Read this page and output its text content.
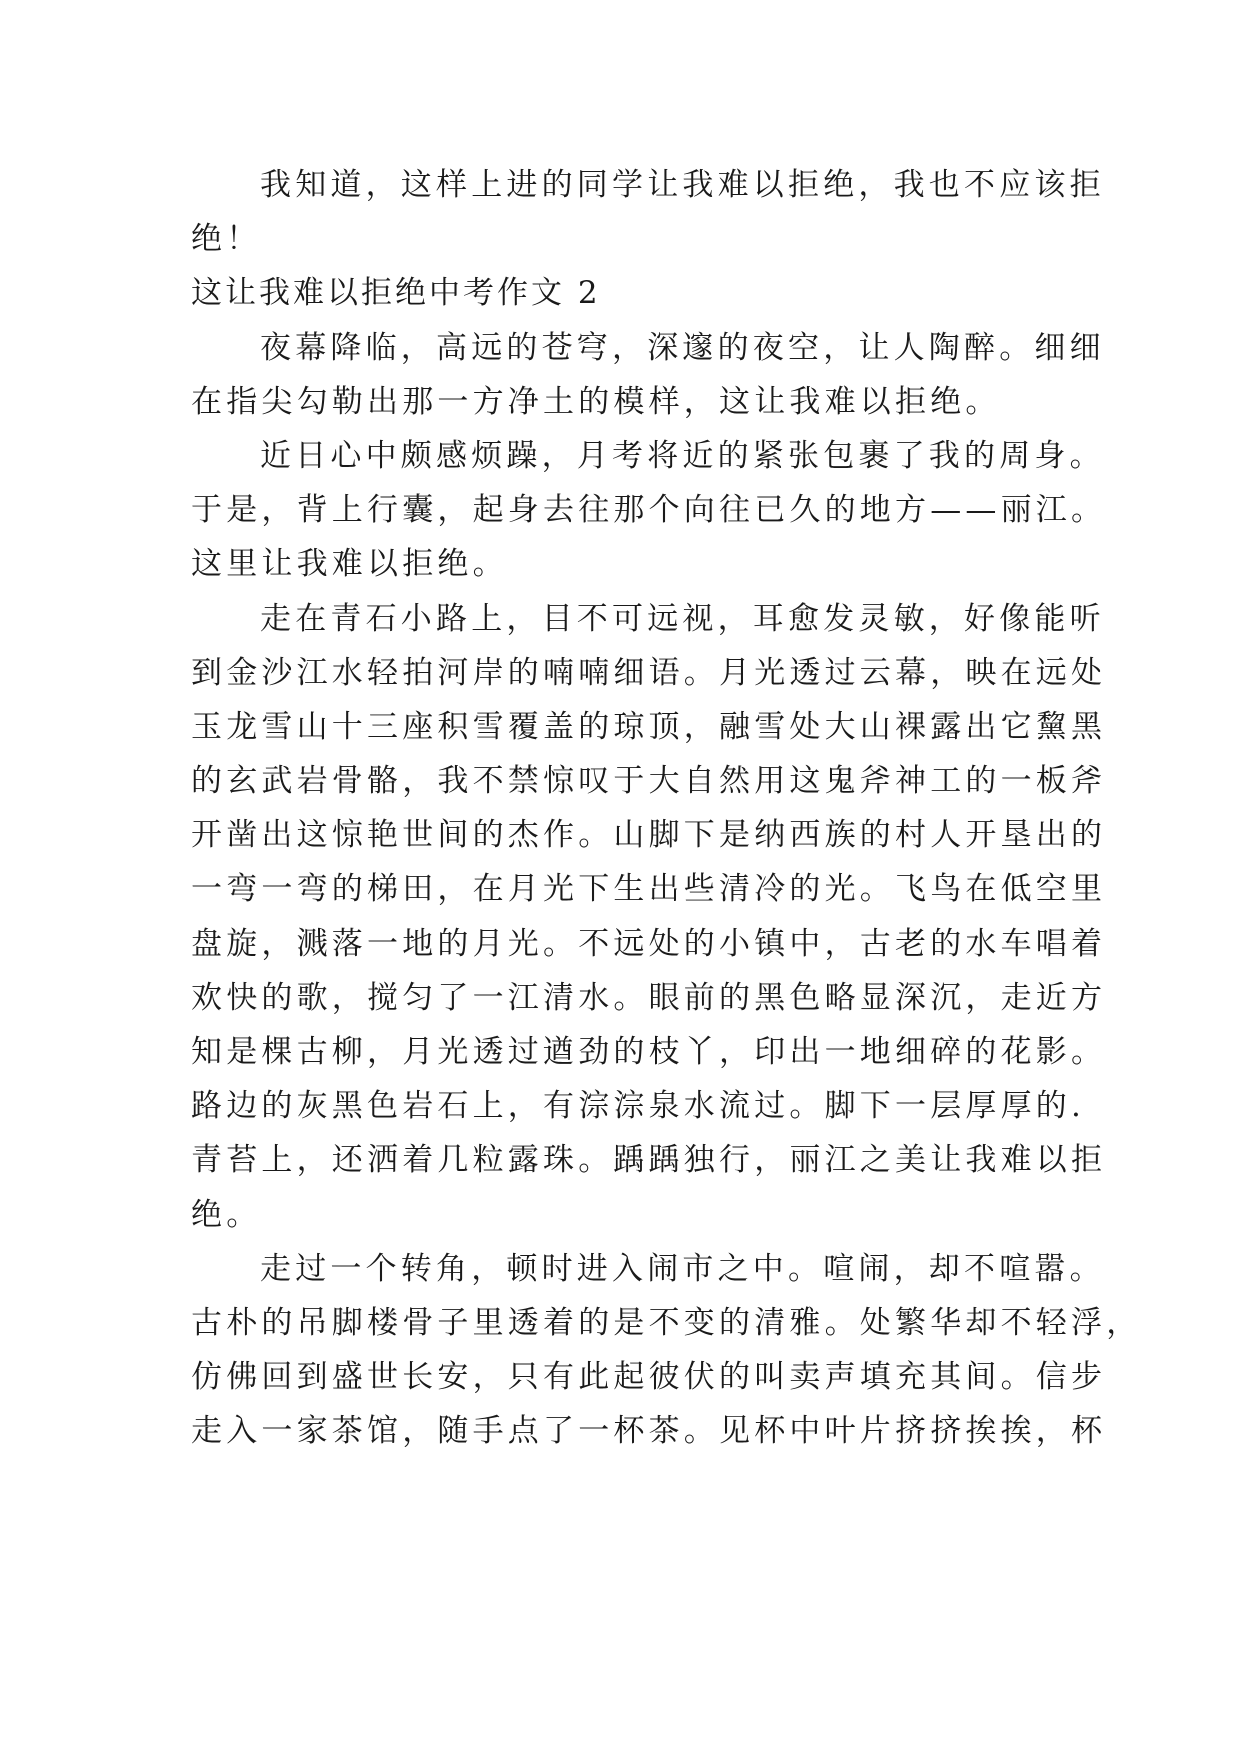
我知道，这样上进的同学让我难以拒绝，我也不应该拒
绝！
这让我难以拒绝中考作文 2
夜幕降临，高远的苍穹，深邃的夜空，让人陶醉。细细
在指尖勾勒出那一方净土的模样，这让我难以拒绝。
近日心中颇感烦躁，月考将近的紧张包裹了我的周身。
于是，背上行囊，起身去往那个向往已久的地方——丽江。
这里让我难以拒绝。
走在青石小路上，目不可远视，耳愈发灵敏，好像能听
到金沙江水轻拍河岸的喃喃细语。月光透过云幕，映在远处
玉龙雪山十三座积雪覆盖的琼顶，融雪处大山裸露出它黧黑
的玄武岩骨骼，我不禁惊叹于大自然用这鬼斧神工的一板斧
开凿出这惊艳世间的杰作。山脚下是纳西族的村人开垦出的
一弯一弯的梯田，在月光下生出些清冷的光。飞鸟在低空里
盘旋，溅落一地的月光。不远处的小镇中，古老的水车唱着
欢快的歌，搅匀了一江清水。眼前的黑色略显深沉，走近方
知是棵古柳，月光透过遒劲的枝丫，印出一地细碎的花影。
路边的灰黑色岩石上，有淙淙泉水流过。脚下一层厚厚的.
青苔上，还洒着几粒露珠。踽踽独行，丽江之美让我难以拒
绝。
走过一个转角，顿时进入闹市之中。喧闹，却不喧嚣。
古朴的吊脚楼骨子里透着的是不变的清雅。处繁华却不轻浮，
仿佛回到盛世长安，只有此起彼伏的叫卖声填充其间。信步
走入一家茶馆，随手点了一杯茶。见杯中叶片挤挤挨挨，杯
